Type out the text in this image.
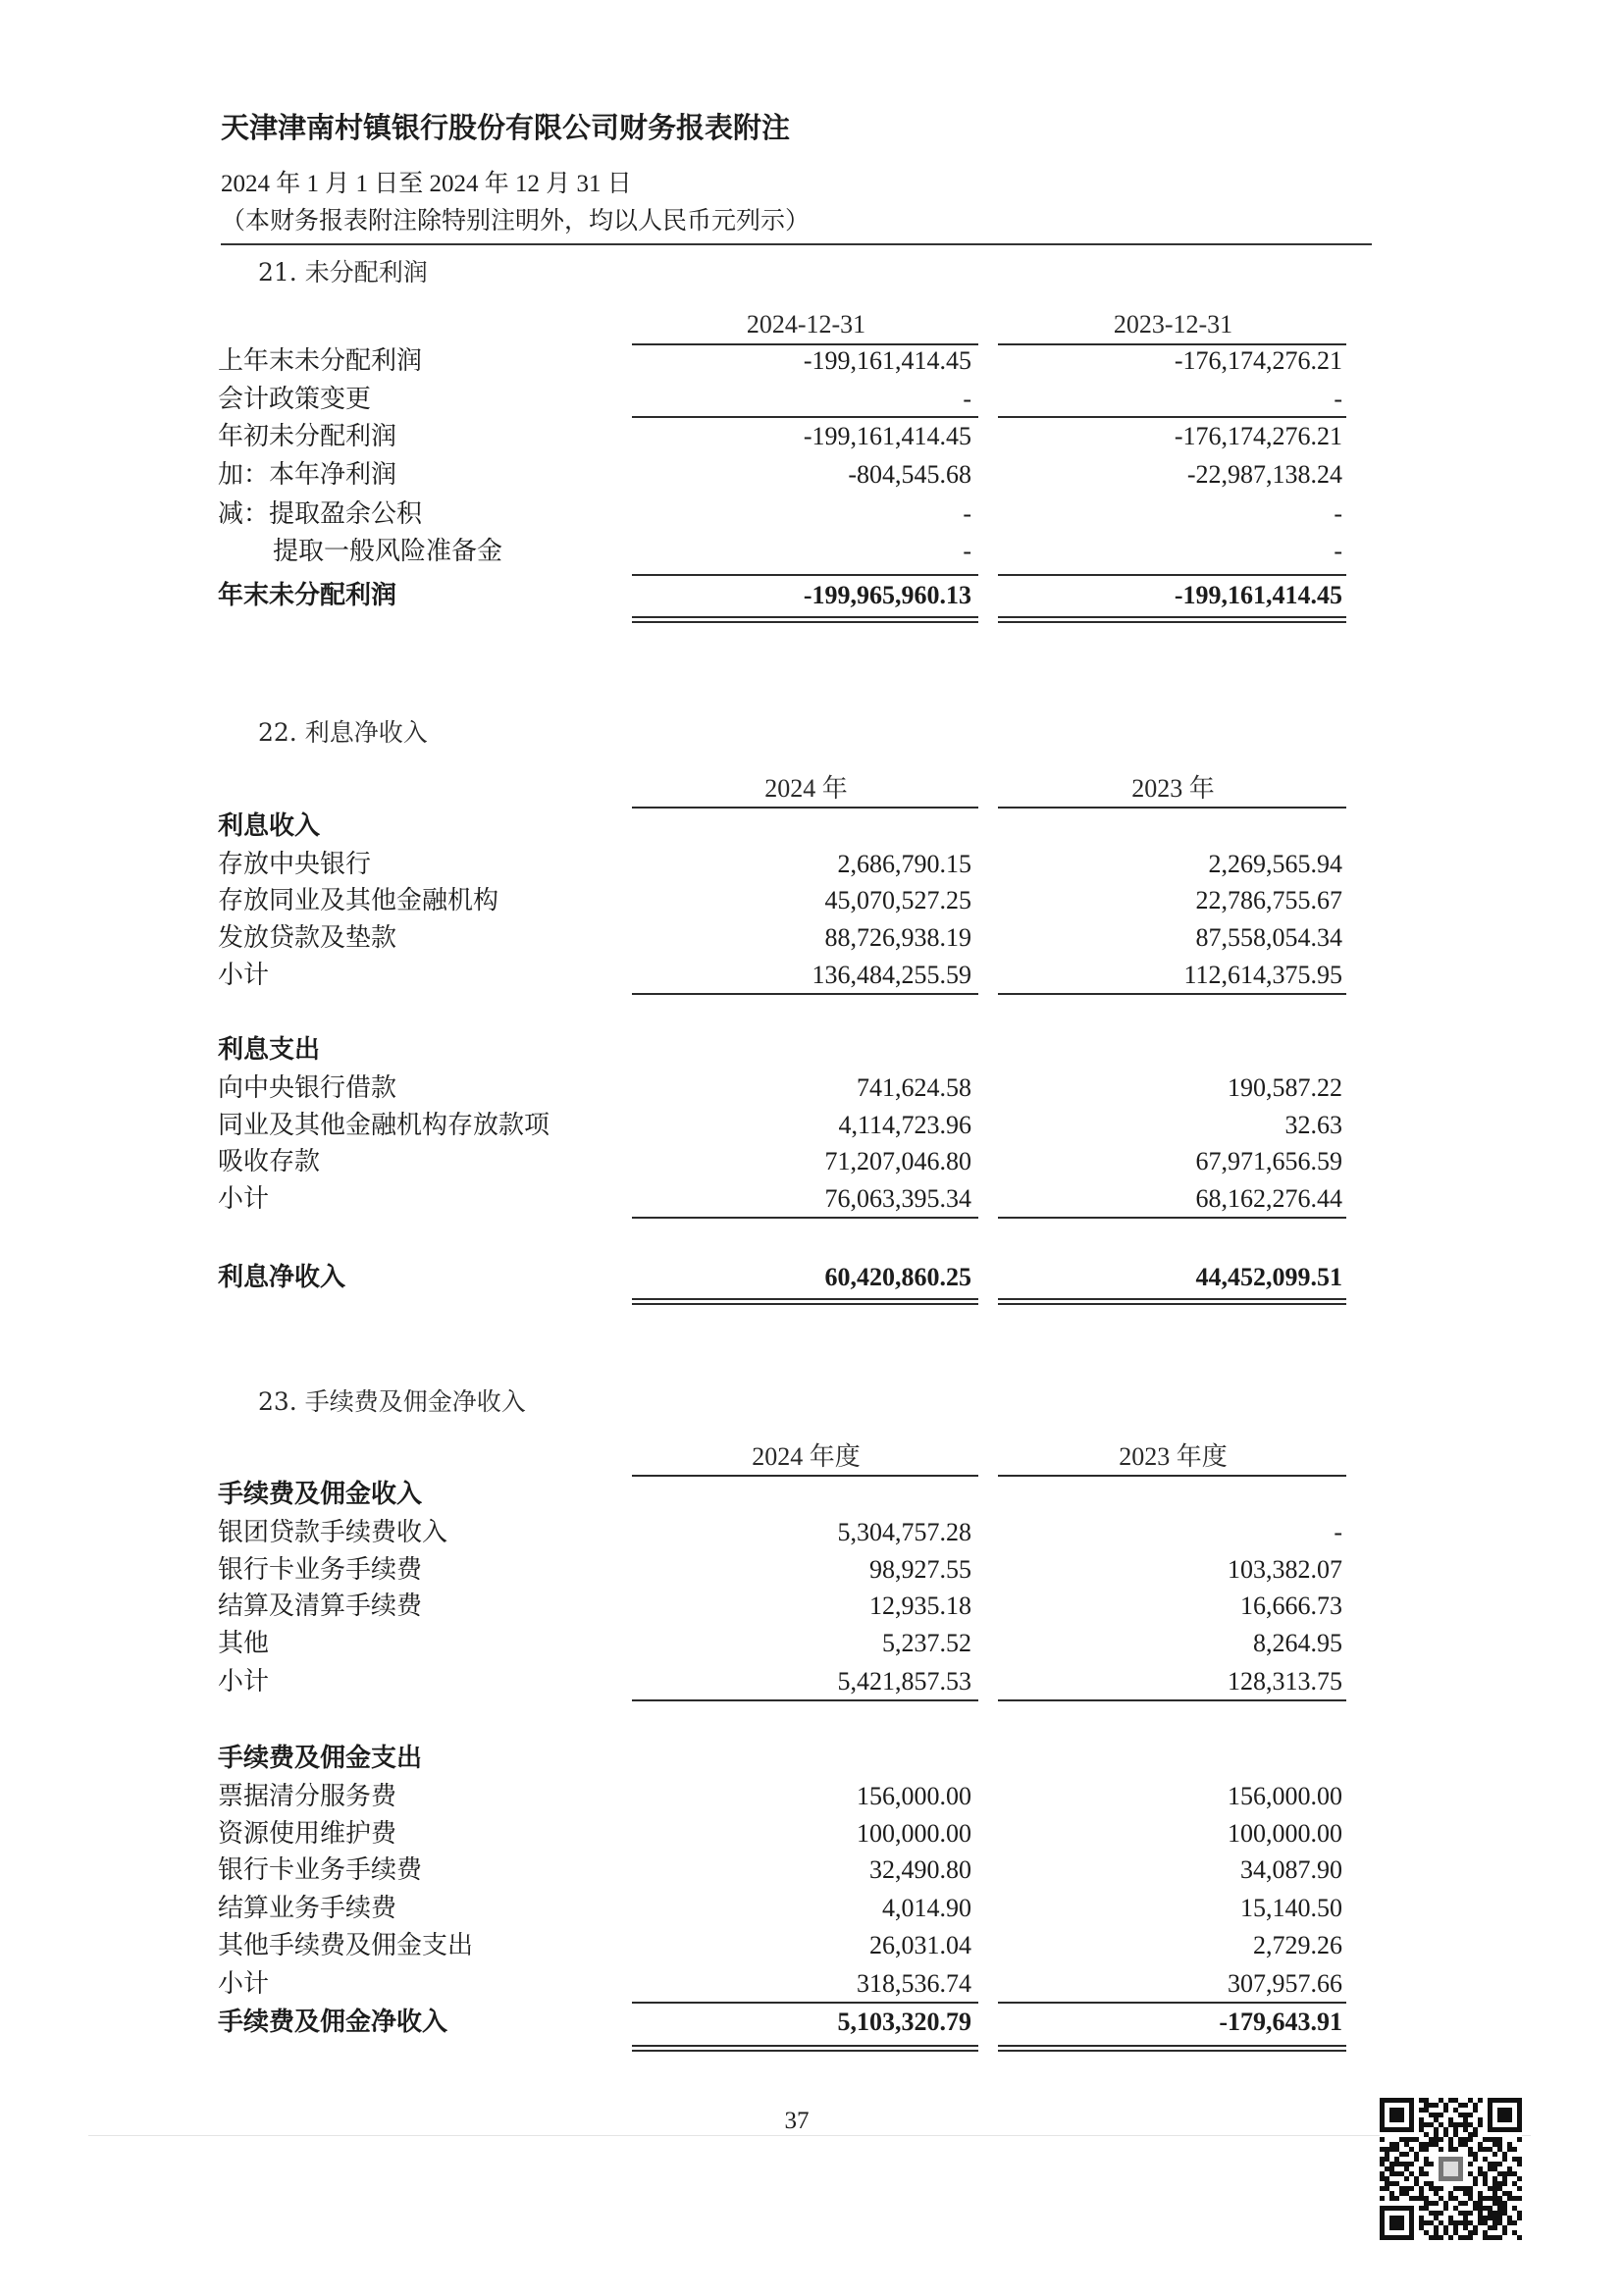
天津津南村镇银行股份有限公司财务报表附注
2024 年 1 月 1 日至 2024 年 12 月 31 日
（本财务报表附注除特别注明外，均以人民币元列示）
21. 未分配利润
2024-12-31	2023-12-31
上年末未分配利润	-199,161,414.45	-176,174,276.21
会计政策变更	-	-
年初未分配利润	-199,161,414.45	-176,174,276.21
加：本年净利润	-804,545.68	-22,987,138.24
减：提取盈余公积	-	-
提取一般风险准备金	-	-
年末未分配利润	-199,965,960.13	-199,161,414.45
22. 利息净收入
2024 年	2023 年
利息收入
存放中央银行	2,686,790.15	2,269,565.94
存放同业及其他金融机构	45,070,527.25	22,786,755.67
发放贷款及垫款	88,726,938.19	87,558,054.34
小计	136,484,255.59	112,614,375.95
利息支出
向中央银行借款	741,624.58	190,587.22
同业及其他金融机构存放款项	4,114,723.96	32.63
吸收存款	71,207,046.80	67,971,656.59
小计	76,063,395.34	68,162,276.44
利息净收入	60,420,860.25	44,452,099.51
23. 手续费及佣金净收入
2024 年度	2023 年度
手续费及佣金收入
银团贷款手续费收入	5,304,757.28	-
银行卡业务手续费	98,927.55	103,382.07
结算及清算手续费	12,935.18	16,666.73
其他	5,237.52	8,264.95
小计	5,421,857.53	128,313.75
手续费及佣金支出
票据清分服务费	156,000.00	156,000.00
资源使用维护费	100,000.00	100,000.00
银行卡业务手续费	32,490.80	34,087.90
结算业务手续费	4,014.90	15,140.50
其他手续费及佣金支出	26,031.04	2,729.26
小计	318,536.74	307,957.66
手续费及佣金净收入	5,103,320.79	-179,643.91
37
